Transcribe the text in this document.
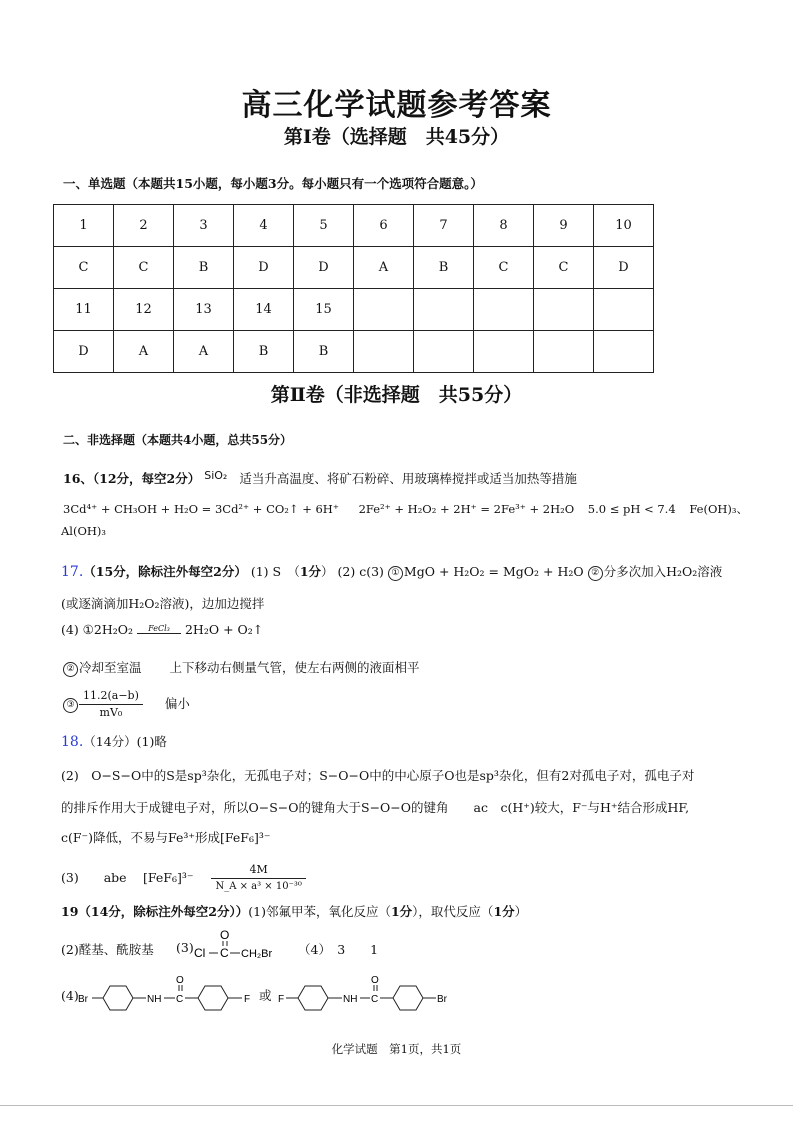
高三化学试题参考答案
第Ⅰ卷（选择题　共45分）
一、单选题（本题共15小题，每小题3分。每小题只有一个选项符合题意。）
1	2	3	4	5	6	7	8	9	10
C	C	B	D	D	A	B	C	C	D
11	12	13	14	15					
D	A	A	B	B					
第Ⅱ卷（非选择题　共55分）
二、非选择题（本题共4小题，总共55分）
16、（12分，每空2分） SiO₂ 适当升高温度、将矿石粉碎、用玻璃棒搅拌或适当加热等措施
3Cd⁴⁺ + CH₃OH + H₂O = 3Cd²⁺ + CO₂↑ + 6H⁺ 2Fe²⁺ + H₂O₂ + 2H⁺ = 2Fe³⁺ + 2H₂O 5.0 ≤ pH < 7.4 Fe(OH)₃、
Al(OH)₃
17.（15分，除标注外每空2分） (1) S　（1分） (2) c(3) ① MgO + H₂O₂ = MgO₂ + H₂O ② 分多次加入H₂O₂溶液
(或逐滴滴加H₂O₂溶液)，边加边搅拌
(4) ①2H₂O₂	FeCl₃	2H₂O + O₂↑
② 冷却至室温 上下移动右侧量气管，使左右两侧的液面相平
③ $\frac{11.2(a-b)}{\text{mV₀}}$ 偏小
18.（14分）(1)略
(2)　O−S−O中的S是sp³杂化，无孤电子对；S−O−O中的中心原子O也是sp³杂化，但有2对孤电子对，孤电子对
的排斥作用大于成键电子对，所以O−S−O的键角大于S−O−O的键角　　ac　c(H⁺)较大，F⁻与H⁺结合形成HF,
c(F⁻)降低，不易与Fe³⁺形成[FeF₆]³⁻
(3)　　abe　 $[FeF_6]^{3-} \frac{4M}{\text{N\_A × a³ × 10⁻³⁰}}$
19（14分，除标注外每空2分））(1)邻氟甲苯，氧化反应（1分），取代反应（1分）
(2)醛基、酰胺基 (3) Cl C
O
CH₂Br （4）　3　　1
(4) Br	NH C
O
F 或 F	NH C
O
Br
化学试题　第1页，共1页
